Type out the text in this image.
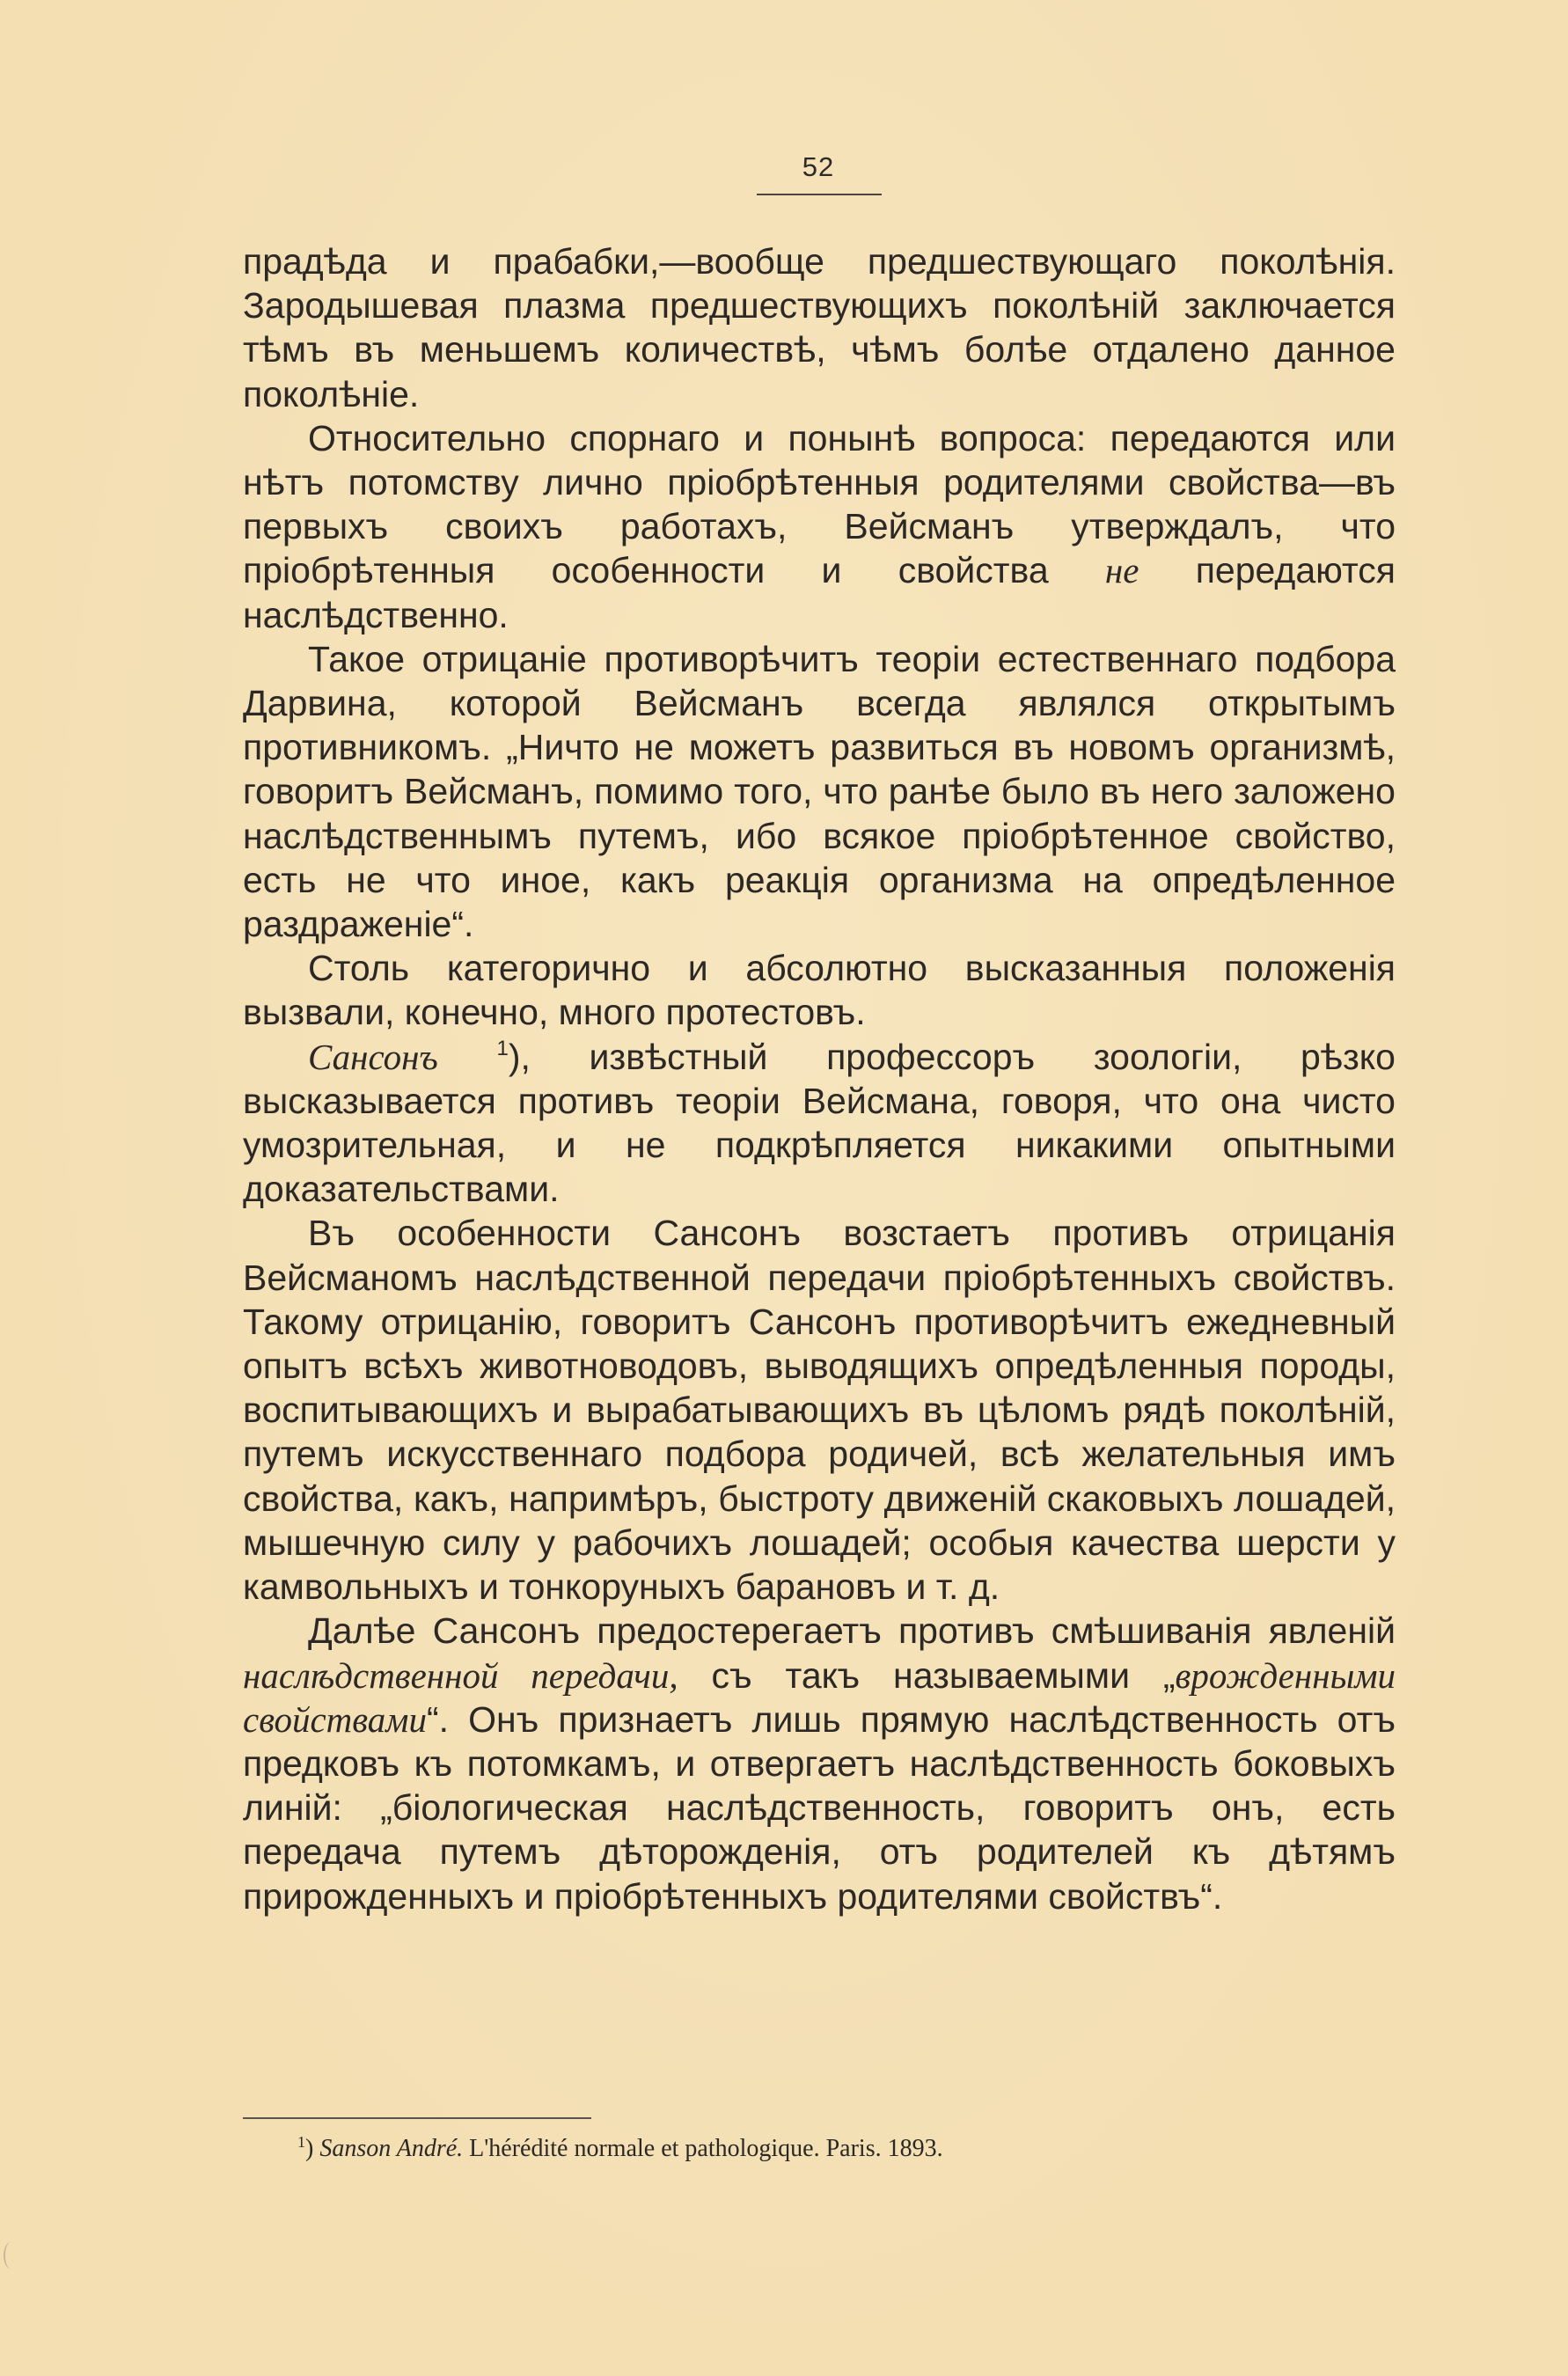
52

прадѣда и прабабки,—вообще предшествующаго поколѣнія. Зародышевая плазма предшествующихъ поколѣній заключается тѣмъ въ меньшемъ количествѣ, чѣмъ болѣе отдалено данное поколѣніе.

Относительно спорнаго и понынѣ вопроса: передаются или нѣтъ потомству лично пріобрѣтенныя родителями свойства—въ первыхъ своихъ работахъ, Вейсманъ утверждалъ, что пріобрѣтенныя особенности и свойства не передаются наслѣдственно.

Такое отрицаніе противорѣчитъ теоріи естественнаго подбора Дарвина, которой Вейсманъ всегда являлся открытымъ противникомъ. „Ничто не можетъ развиться въ новомъ организмѣ, говоритъ Вейсманъ, помимо того, что ранѣе было въ него заложено наслѣдственнымъ путемъ, ибо всякое пріобрѣтенное свойство, есть не что иное, какъ реакція организма на опредѣленное раздраженіе“.

Столь категорично и абсолютно высказанныя положенія вызвали, конечно, много протестовъ.

Сансонъ	$^1$), извѣстный профессоръ зоологіи, рѣзко высказывается противъ теоріи Вейсмана, говоря, что она чисто умозрительная, и не подкрѣпляется никакими опытными доказательствами.

Въ особенности Сансонъ возстаетъ противъ отрицанія Вейсманомъ наслѣдственной передачи пріобрѣтенныхъ свойствъ. Такому отрицанію, говоритъ Сансонъ противорѣчитъ ежедневный опытъ всѣхъ животноводовъ, выводящихъ опредѣленныя породы, воспитывающихъ и вырабатывающихъ въ цѣломъ рядѣ поколѣній, путемъ искусственнаго подбора родичей, всѣ желательныя имъ свойства, какъ, напримѣръ, быстроту движеній скаковыхъ лошадей, мышечную силу у рабочихъ лошадей; особыя качества шерсти у камвольныхъ и тонкоруныхъ барановъ и т. д.

Далѣе Сансонъ предостерегаетъ противъ смѣшиванія явленій наслѣдственной передачи, съ такъ называемыми „врожденными свойствами“. Онъ признаетъ лишь прямую наслѣдственность отъ предковъ къ потомкамъ, и отвергаетъ наслѣдственность боковыхъ линій: „біологическая наслѣдственность, говоритъ онъ, есть передача путемъ дѣторожденія, отъ родителей къ дѣтямъ прирожденныхъ и пріобрѣтенныхъ родителями свойствъ“.

$^1$) Sanson André. L'hérédité normale et pathologique. Paris. 1893.
